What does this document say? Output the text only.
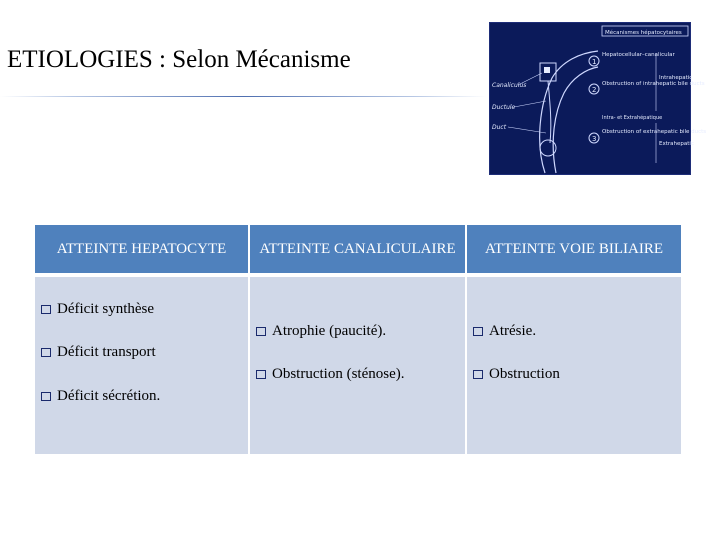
ETIOLOGIES : Selon Mécanisme
Mécanismes hépatocytaires
Canaliculus
Ductule
Duct
1
Hepatocellular–canalicular
2
Obstruction of intrahepatic bile ducts
3
Obstruction of extrahepatic bile ducts
Intrahepatic
Intra- et Extrahépatique
Extrahepatic
ATTEINTE HEPATOCYTE	ATTEINTE CANALICULAIRE	ATTEINTE VOIE BILIAIRE
Déficit synthèse
Déficit transport
Déficit sécrétion.
Atrophie (paucité).
Obstruction (sténose).
Atrésie.
Obstruction
